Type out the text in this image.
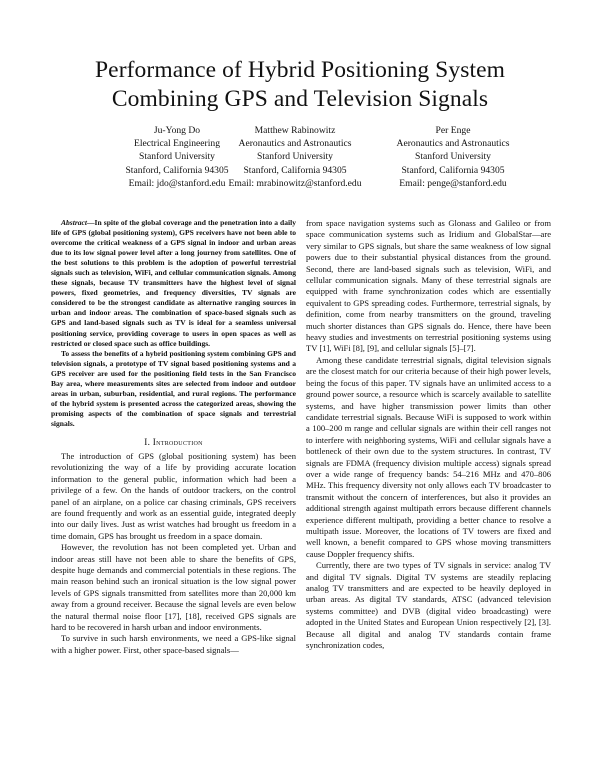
Performance of Hybrid Positioning System
Combining GPS and Television Signals
Ju-Yong Do
Electrical Engineering
Stanford University
Stanford, California 94305
Email: jdo@stanford.edu
Matthew Rabinowitz
Aeronautics and Astronautics
Stanford University
Stanford, California 94305
Email: mrabinowitz@stanford.edu
Per Enge
Aeronautics and Astronautics
Stanford University
Stanford, California 94305
Email: penge@stanford.edu

Abstract—In spite of the global coverage and the penetration into a daily life of GPS (global positioning system), GPS receivers have not been able to overcome the critical weakness of a GPS signal in indoor and urban areas due to its low signal power level after a long journey from satellites. One of the best solutions to this problem is the adoption of powerful terrestrial signals such as television, WiFi, and cellular communication signals. Among these signals, because TV transmitters have the highest level of signal powers, fixed geometries, and frequency diversities, TV signals are considered to be the strongest candidate as alternative ranging sources in urban and indoor areas. The combination of space-based signals such as GPS and land-based signals such as TV is ideal for a seamless universal positioning service, providing coverage to users in open spaces as well as restricted or closed space such as office buildings.

To assess the benefits of a hybrid positioning system combining GPS and television signals, a prototype of TV signal based positioning systems and a GPS receiver are used for the positioning field tests in the San Francisco Bay area, where measurements sites are selected from indoor and outdoor areas in urban, suburban, residential, and rural regions. The performance of the hybrid system is presented across the categorized areas, showing the promising aspects of the combination of space signals and terrestrial signals.

I. Introduction

The introduction of GPS (global positioning system) has been revolutionizing the way of a life by providing accurate location information to the general public, information which had been a privilege of a few. On the hands of outdoor trackers, on the control panel of an airplane, on a police car chasing criminals, GPS receivers are found frequently and work as an essential guide, integrated deeply into our daily lives. Just as wrist watches had brought us freedom in a time domain, GPS has brought us freedom in a space domain.

However, the revolution has not been completed yet. Urban and indoor areas still have not been able to share the benefits of GPS, despite huge demands and commercial potentials in these regions. The main reason behind such an ironical situation is the low signal power levels of GPS signals transmitted from satellites more than 20,000 km away from a ground receiver. Because the signal levels are even below the natural thermal noise floor [17], [18], received GPS signals are hard to be recovered in harsh urban and indoor environments.

To survive in such harsh environments, we need a GPS-like signal with a higher power. First, other space-based signals—

from space navigation systems such as Glonass and Galileo or from space communication systems such as Iridium and GlobalStar—are very similar to GPS signals, but share the same weakness of low signal powers due to their substantial physical distances from the ground. Second, there are land-based signals such as television, WiFi, and cellular communication signals. Many of these terrestrial signals are equipped with frame synchronization codes which are essentially equivalent to GPS spreading codes. Furthermore, terrestrial signals, by definition, come from nearby transmitters on the ground, traveling much shorter distances than GPS signals do. Hence, there have been heavy studies and investments on terrestrial positioning systems using TV [1], WiFi [8], [9], and cellular signals [5]–[7].

Among these candidate terrestrial signals, digital television signals are the closest match for our criteria because of their high power levels, being the focus of this paper. TV signals have an unlimited access to a ground power source, a resource which is scarcely available to satellite systems, and have higher transmission power limits than other candidate terrestrial signals. Because WiFi is supposed to work within a 100–200 m range and cellular signals are within their cell ranges not to interfere with neighboring systems, WiFi and cellular signals have a bottleneck of their own due to the system structures. In contrast, TV signals are FDMA (frequency division multiple access) signals spread over a wide range of frequency bands: 54–216 MHz and 470–806 MHz. This frequency diversity not only allows each TV broadcaster to transmit without the concern of interferences, but also it provides an additional strength against multipath errors because different channels experience different multipath, providing a better chance to resolve a multipath issue. Moreover, the locations of TV towers are fixed and well known, a benefit compared to GPS whose moving transmitters cause Doppler frequency shifts.

Currently, there are two types of TV signals in service: analog TV and digital TV signals. Digital TV systems are steadily replacing analog TV transmitters and are expected to be heavily deployed in urban areas. As digital TV standards, ATSC (advanced television systems committee) and DVB (digital video broadcasting) were adopted in the United States and European Union respectively [2], [3]. Because all digital and analog TV standards contain frame synchronization codes,
